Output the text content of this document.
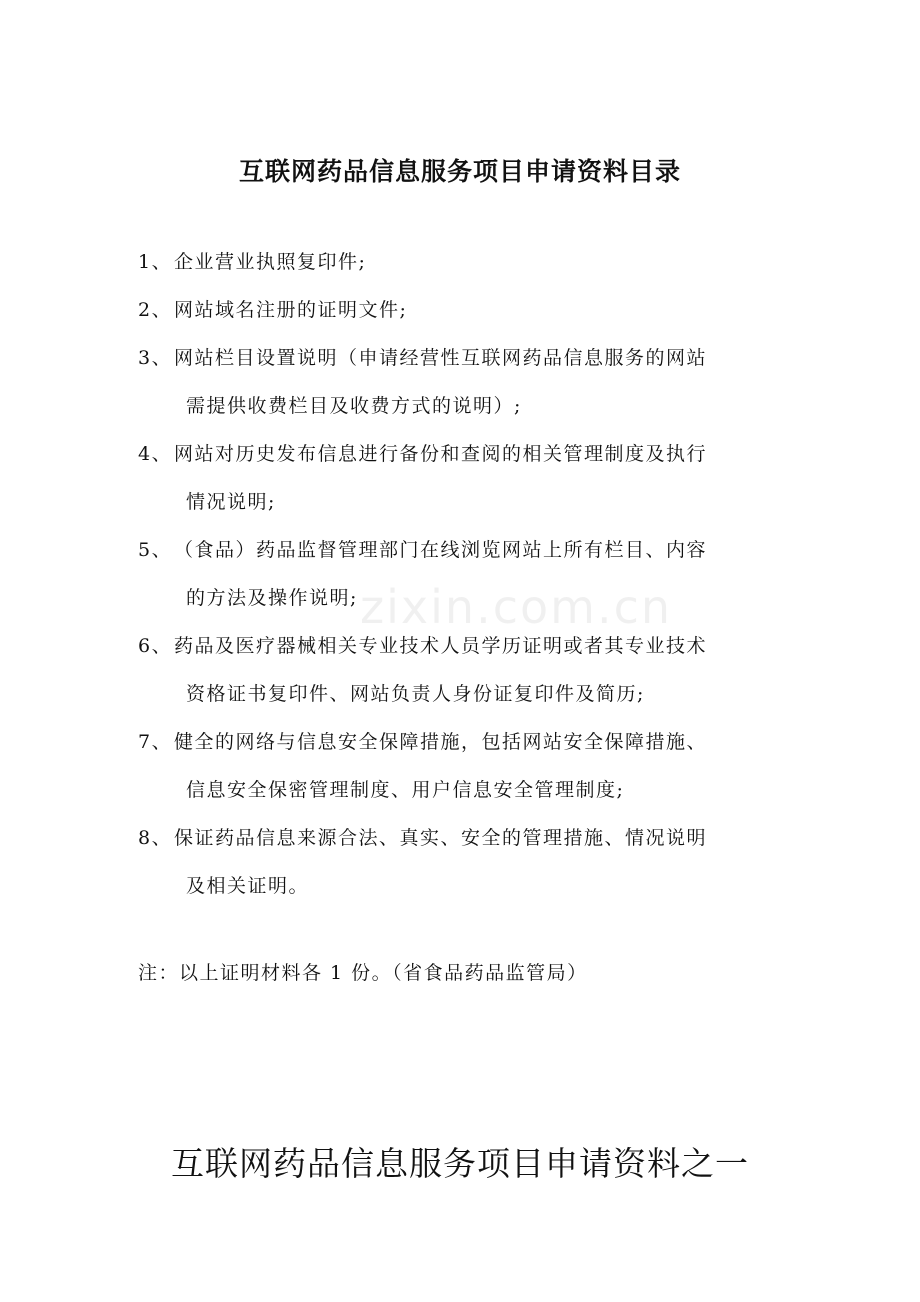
互联网药品信息服务项目申请资料目录
zixin.com.cn
1、 企业营业执照复印件;
2、 网站域名注册的证明文件;
3、 网站栏目设置说明（申请经营性互联网药品信息服务的网站
需提供收费栏目及收费方式的说明）;
4、 网站对历史发布信息进行备份和查阅的相关管理制度及执行
情况说明;
5、 （食品）药品监督管理部门在线浏览网站上所有栏目、内容
的方法及操作说明;
6、 药品及医疗器械相关专业技术人员学历证明或者其专业技术
资格证书复印件、网站负责人身份证复印件及简历;
7、 健全的网络与信息安全保障措施，包括网站安全保障措施、
信息安全保密管理制度、用户信息安全管理制度;
8、 保证药品信息来源合法、真实、安全的管理措施、情况说明
及相关证明。
注：以上证明材料各 1 份。（省食品药品监管局）
互联网药品信息服务项目申请资料之一
